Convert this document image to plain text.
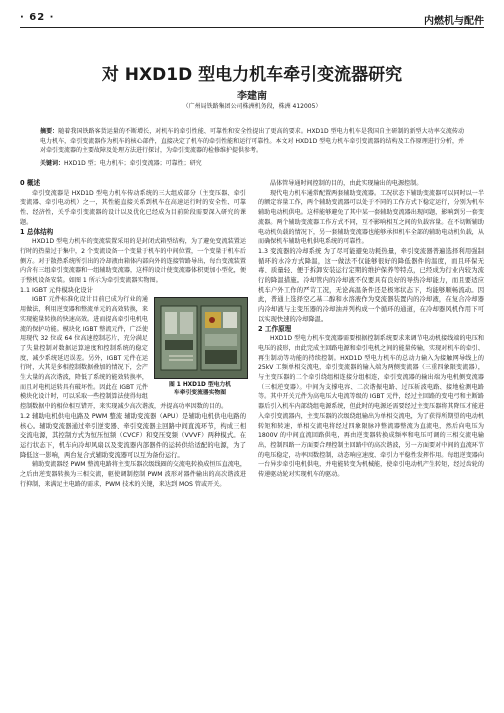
· 62 ·	内燃机与配件
对 HXD1D 型电力机车牵引变流器研究
李建南
（广州局铁路集团公司株洲机务段，株洲 412005）
摘要：随着我国铁路客货运量的不断增长，对机车的牵引性能、可靠性和安全性提出了更高的要求。HXD1D 型电力机车是我国自主研制的新型大功率交流传动电力机车，牵引变流器作为机车的核心部件，直接决定了机车的牵引性能和运行可靠性。本文对 HXD1D 型电力机车牵引变流器的结构及工作原理进行分析，并对牵引变流器的主要故障及处理方法进行探讨，为牵引变流器的检修维护提供参考。
关键词：HXD1D 型；电力机车；牵引变流器；可靠性；研究
0 概述

牵引变流器是 HXD1D 型电力机车传动系统的三大组成部分（主变压器、牵引变流器、牵引电动机）之一，其性能直接关系到机车在高速运行时的安全性、可靠性、经济性，关乎牵引变流器的设计以及优化已经成为目前阶段需要深入研究的课题。

1 总体结构

HXD1D 型电力机车的变流装置采用的是封闭式箱型结构，为了避免变流装置运行时的热量过于集中，2 个变流设备一个变量于机车的中间位置，一个变量于机车后侧方。对于散热系统所引出的冷却液由箱体内部向外的连接管路导出，每台变流装置内含有三组牵引变流器和一组辅助变流器，这样的设计使变流器体积更加小型化，便于整机设备安装。如图 1 所示为牵引变流器实物图。

1.1 IGBT 元件模块化设计
图 1 HXD1D 型电力机
车牵引变流器实物图

IGBT 元件标准化设计目前已成为行业的通用做法，利用逆变器和整流单元的高效转换，来实现能量转换的快速高效。进而提高牵引电机电流的保护功能。模块化 IGBT 整流元件，广泛使用现代 32 位或 64 位高速控制芯片，充分满足了失量控制对数据运算速度和控制系统的稳定度，减少系统延迟误差。另外，IGBT 元件在运行时，大其是多相控制数据叠加的情况下，会产生大量的高次谐波，降低了系统的能效转换率，而且对电机运转具有破坏性。因此在 IGBT 元件模块化设计时，可以采取一些控制算法使得每组控制数据中的相位相互错开，来实现减少高次谐波，并提高功率因数的目的。

1.2 辅助电机供电电路及 PWM 整流 辅助变流器（APU）是辅助电机供电电路的核心。辅助变流器通过牵引逆变器、牵引变流器主回路中间直流环节，构成三相交流电源，其控制方式为恒压恒频（CVCF）和变压变频（VVVF）两种模式。在运行状态下，机车向冷却风扇以及变流器内部器件的运转供给适配的电源，为了降低这一影响，两台复合式辅助变流器可以互为备份运行。

辅助变流器经 PWM 整流电路将主变压器次级线圈的交流电转换成恒压直流电，之后由逆变器转换为三相交流，驱使调制控制 PWM 波形对器件输出的高次谐波进行抑制，来满足主电路的需求，PWM 技术的关键，来达到 MOS 管或开关。

晶体管导通时间控制的目的，由此实现输出的电源控制。

现代电力机车通常配置两套辅助变流器。工况状态下辅助变流器可以同时以一半的额定容量工作，两个辅助变流器可以处于不同的工作方式下稳定运行，分别为机车辅助电动机供电。这样能够避免了其中某一套辅助变流器出现问题，影响到另一套变流器。两个辅助变流器工作方式不同，互不影响相互之间的负载容量。在不切断辅助电动机负载的情况下，另一套辅助变流器也能够承担机车全部的辅助电动机负载，从而确保机车辅助电机供电系统的可靠性。

1.3 变流器的冷却系统 为了尽可能避免功耗热量，牵引变流器普遍选择利用强制循环的水冷方式降温，这一做法不仅能够很好的降低器件的温度，而且环保无毒、质量轻、便于拆卸安装运行定期的维护保养等特点，已经成为行业内较为流行的降温措施。冷却管内的冷却液不仅要具有良好的导热冷却能力，而且要适应机车户外工作的严苛工况，无论高温条件还是极寒状态下，均能够顺畅流动。因此，普通上选择空乙基二醇和水溶液作为变流器装置内的冷却液，在复合冷却器内冷却液与主变压器的冷却油并列构成一个循环的通道，在冷却器风机作用下可以实现快速的冷却降温。
2 工作原理

HXD1D 型电力机车变流器需要根据控制系统要求来调节电动机接线端的电压和电压的波形，由此完成主回路电源和牵引电机之间的能量传输，实现对机车的牵引、再生制动等功能的持续控制。HXD1D 型电力机车的总动力输入为接触网导线上的 25kV 工频单相交流电，牵引变流器的输入端为两侧变流器（三重四象限变流器），与主变压器的二个牵引绕组相连接分组相连，牵引变流器的输出端为电机侧变流器（三相逆变器）。中间为支撑电容、二次谐振电路、过压斩波电路、接地检测电路等。其中开关元件为高电压大电流等级的 IGBT 元件，经过主回路的变电弓和主断路器后引入机车内部绕组电源系统，但此时的电源还需要经过主变压器将其降压才能进入牵引变流器内，主变压器的次级绕组输出为单相交流电，为了获得所期望的电动机转矩和转速，单相交流电将经过四象限脉冲整流器整流为直流电，然后向电压为 1800V 的中间直流回路供电，再由逆变器转换成频率和电压可调的三相交流电输出，控制四路一方面要合理控制主回路中的高次谐波，另一方面要对中间的直流环节的电压稳定，功率因数控制，动态响应速度、牵引力平稳性发挥作用。每组逆变器向一台异步牵引电机供电，并电能转变为机械能，使牵引电动机产生转矩，经过齿轮的传递驱动轮对实现机车的驱动。
